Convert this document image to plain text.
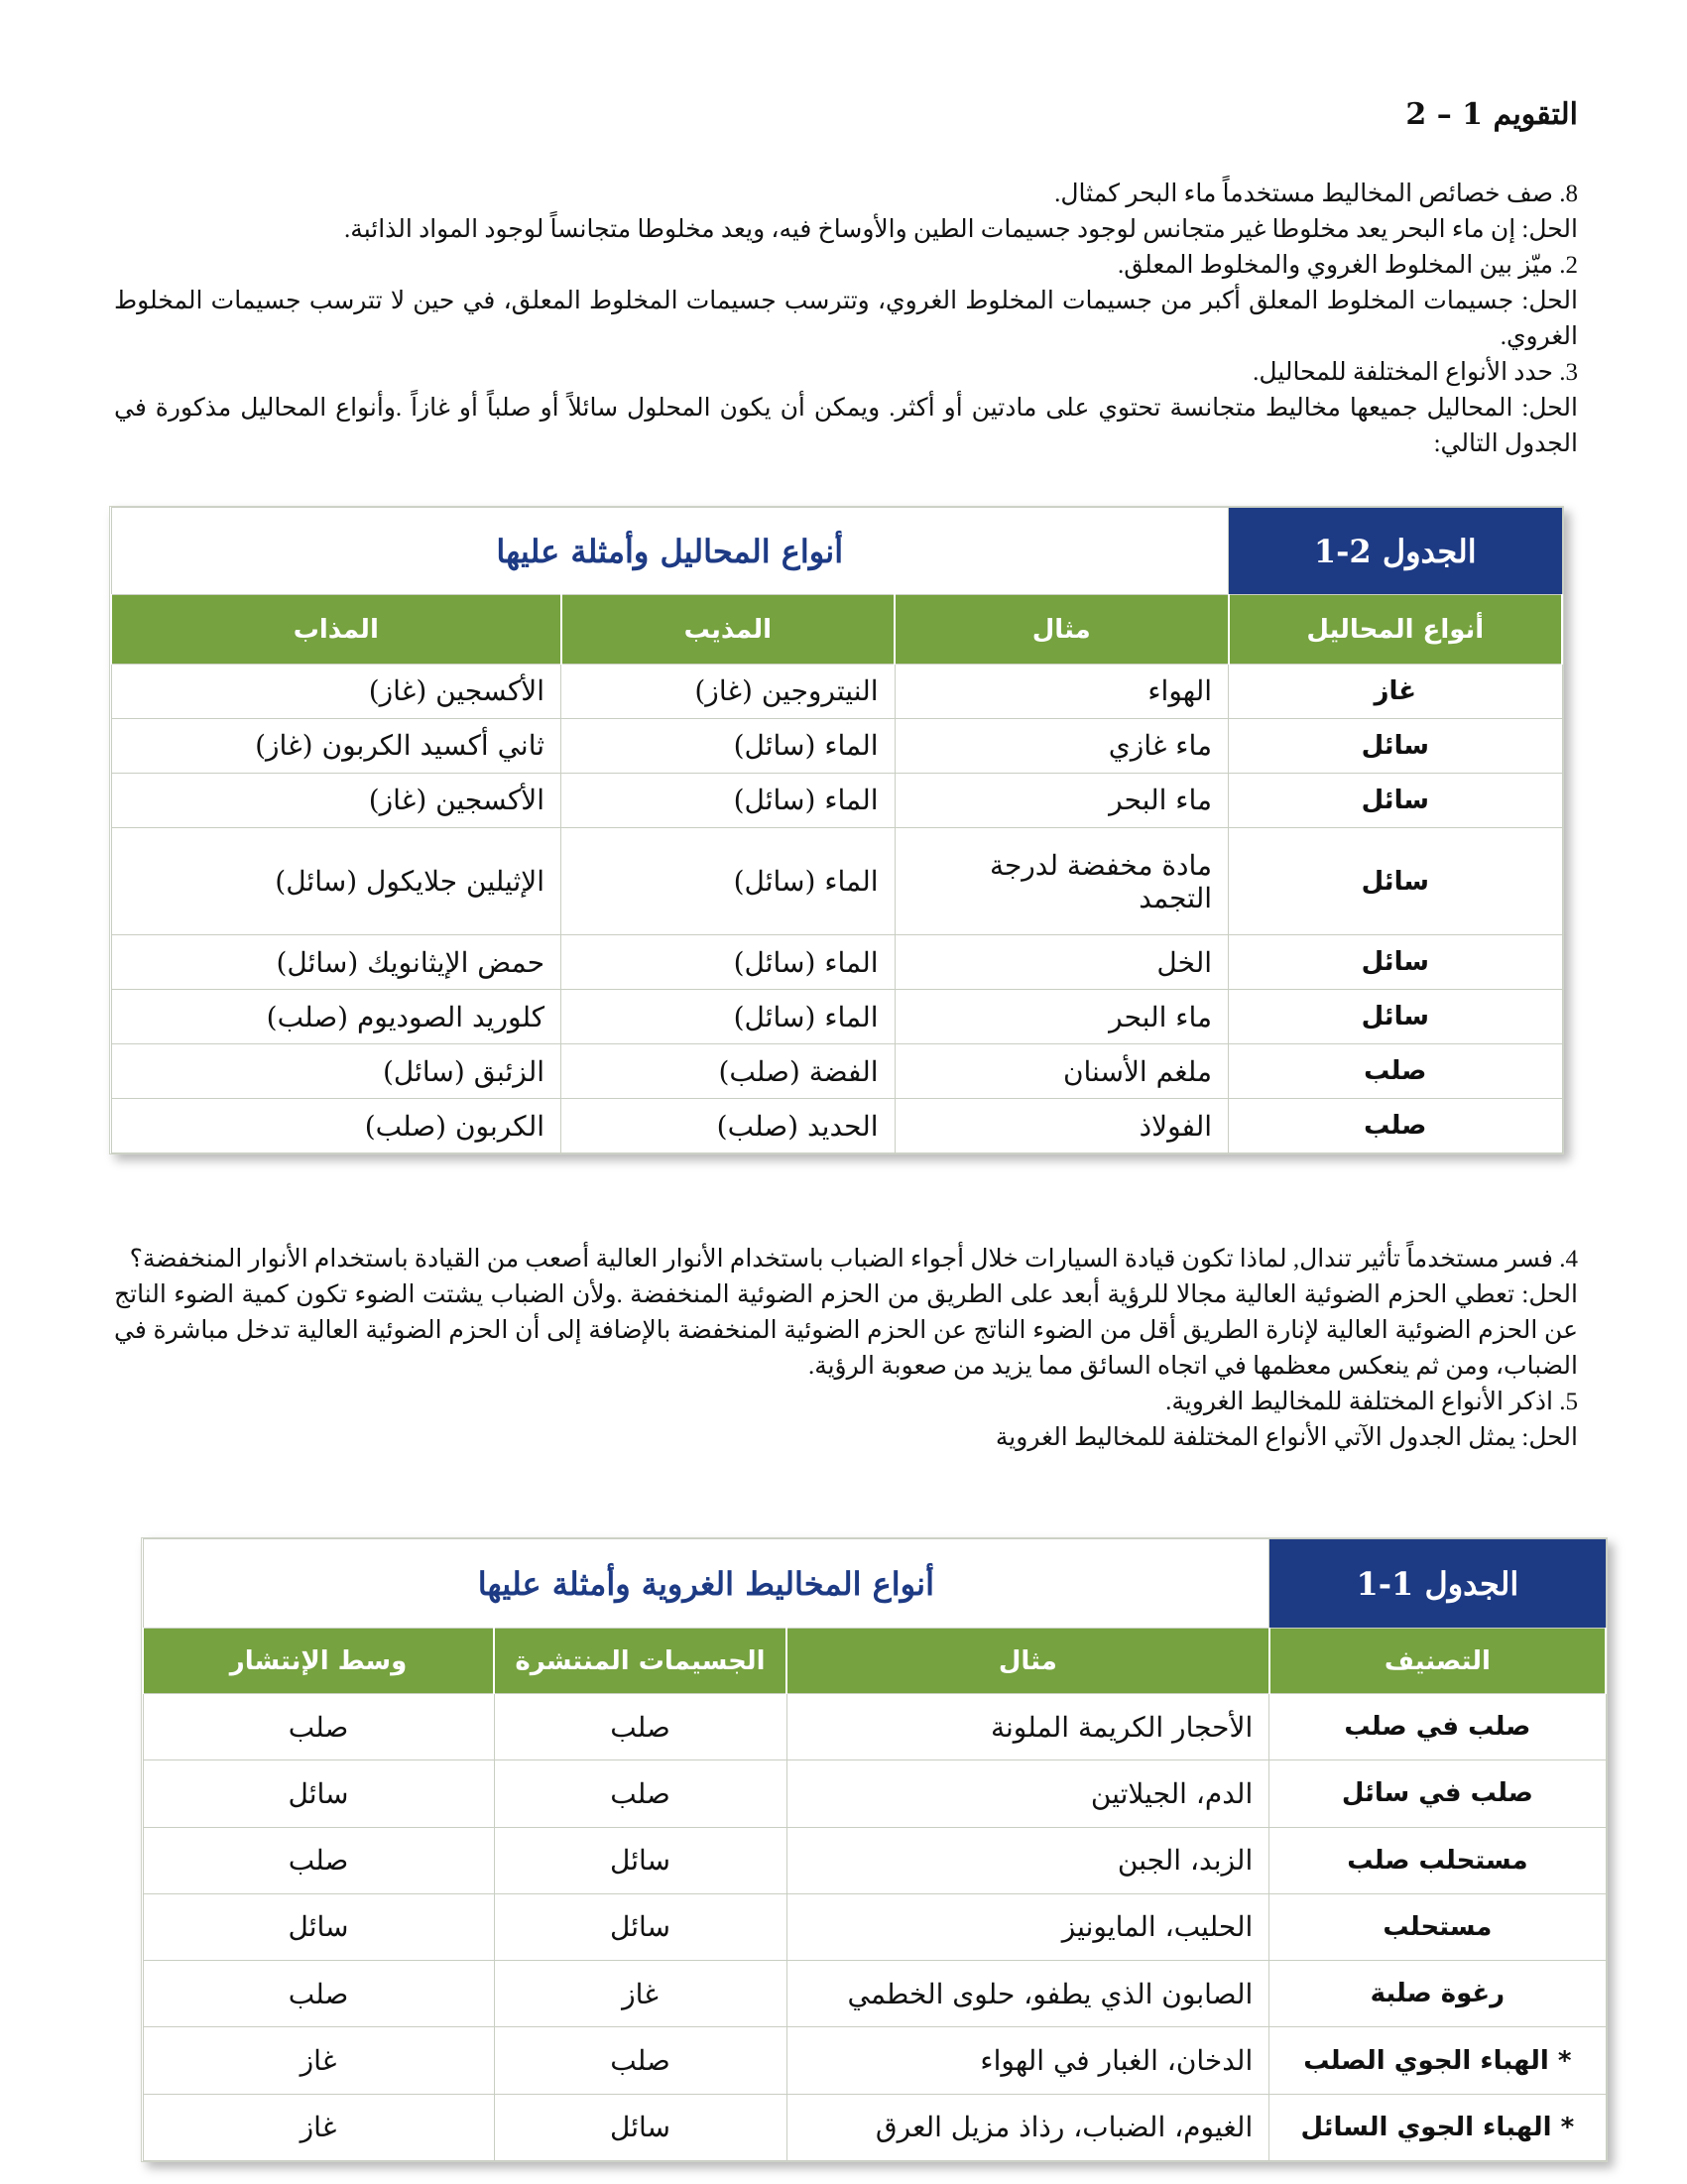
التقويم 1 – 2

8. صف خصائص المخاليط مستخدماً ماء البحر كمثال.

الحل: إن ماء البحر يعد مخلوطا غير متجانس لوجود جسيمات الطين والأوساخ فيه، ويعد مخلوطا متجانساً لوجود المواد الذائبة.

2. ميّز بين المخلوط الغروي والمخلوط المعلق.

الحل: جسيمات المخلوط المعلق أكبر من جسيمات المخلوط الغروي، وتترسب جسيمات المخلوط المعلق، في حين لا تترسب جسيمات المخلوط الغروي.

3. حدد الأنواع المختلفة للمحاليل.

الحل: المحاليل جميعها مخاليط متجانسة تحتوي على مادتين أو أكثر. ويمكن أن يكون المحلول سائلاً أو صلباً أو غازاً .وأنواع المحاليل مذكورة في الجدول التالي:

الجدول 2-1	أنواع المحاليل وأمثلة عليها		
أنواع المحاليل	مثال	المذيب	المذاب
غاز	الهواء	النيتروجين (غاز)	الأكسجين (غاز)
سائل	ماء غازي	الماء (سائل)	ثاني أكسيد الكربون (غاز)
سائل	ماء البحر	الماء (سائل)	الأكسجين (غاز)
سائل	مادة مخفضة لدرجة التجمد	الماء (سائل)	الإثيلين جلايكول (سائل)
سائل	الخل	الماء (سائل)	حمض الإيثانويك (سائل)
سائل	ماء البحر	الماء (سائل)	كلوريد الصوديوم (صلب)
صلب	ملغم الأسنان	الفضة (صلب)	الزئبق (سائل)
صلب	الفولاذ	الحديد (صلب)	الكربون (صلب)

4. فسر مستخدماً تأثير تندال, لماذا تكون قيادة السيارات خلال أجواء الضباب باستخدام الأنوار العالية أصعب من القيادة باستخدام الأنوار المنخفضة؟

الحل: تعطي الحزم الضوئية العالية مجالا للرؤية أبعد على الطريق من الحزم الضوئية المنخفضة .ولأن الضباب يشتت الضوء تكون كمية الضوء الناتج عن الحزم الضوئية العالية لإنارة الطريق أقل من الضوء الناتج عن الحزم الضوئية المنخفضة بالإضافة إلى أن الحزم الضوئية العالية تدخل مباشرة في الضباب، ومن ثم ينعكس معظمها في اتجاه السائق مما يزيد من صعوبة الرؤية.

5. اذكر الأنواع المختلفة للمخاليط الغروية.

الحل: يمثل الجدول الآتي الأنواع المختلفة للمخاليط الغروية

الجدول 1-1	أنواع المخاليط الغروية وأمثلة عليها		
التصنيف	مثال	الجسيمات المنتشرة	وسط الإنتشار
صلب في صلب	الأحجار الكريمة الملونة	صلب	صلب
صلب في سائل	الدم، الجيلاتين	صلب	سائل
مستحلب صلب	الزبد، الجبن	سائل	صلب
مستحلب	الحليب، المايونيز	سائل	سائل
رغوة صلبة	الصابون الذي يطفو، حلوى الخطمي	غاز	صلب
* الهباء الجوي الصلب	الدخان، الغبار في الهواء	صلب	غاز
* الهباء الجوي السائل	الغيوم، الضباب، رذاذ مزيل العرق	سائل	غاز
